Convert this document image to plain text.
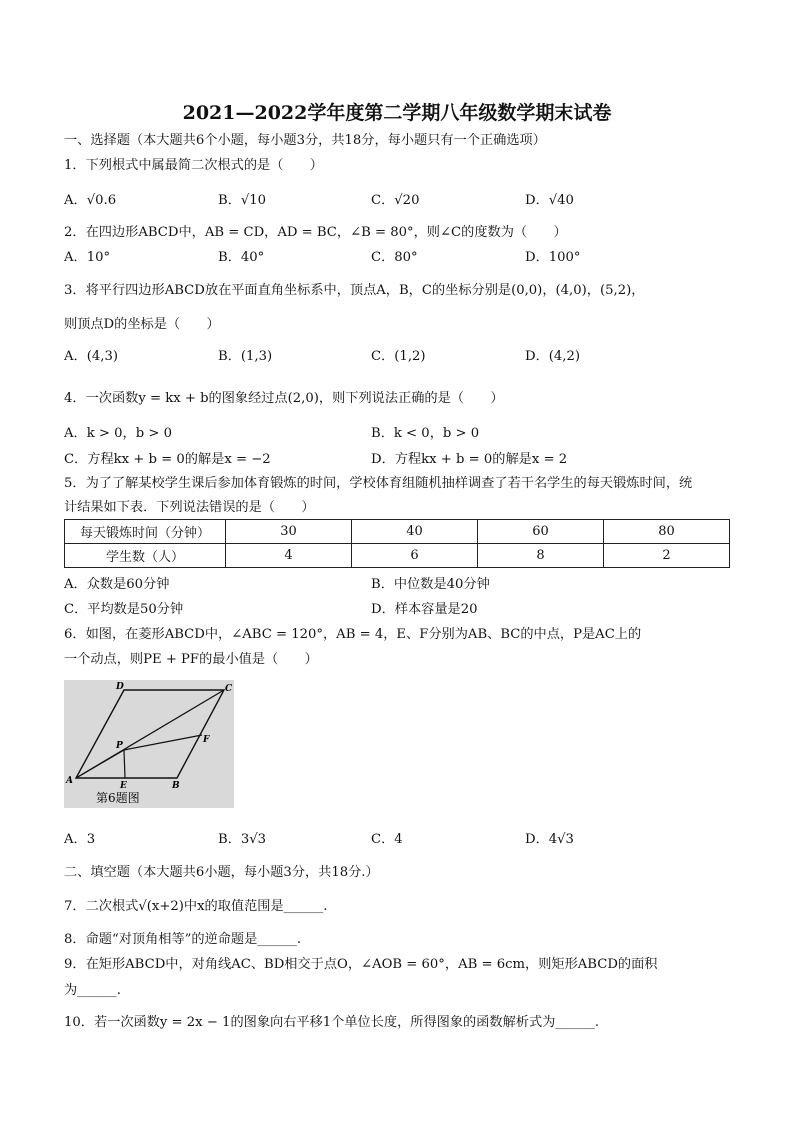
2021—2022学年度第二学期八年级数学期末试卷
一、选择题（本大题共6个小题，每小题3分，共18分，每小题只有一个正确选项）
1．下列根式中属最简二次根式的是（　　）
A．√0.6	B．√10	C．√20	D．√40
2．在四边形ABCD中，AB = CD，AD = BC，∠B = 80°，则∠C的度数为（　　）
A．10°	B．40°	C．80°	D．100°
3．将平行四边形ABCD放在平面直角坐标系中，顶点A，B，C的坐标分别是(0,0)，(4,0)，(5,2)，
则顶点D的坐标是（　　）
A．(4,3)	B．(1,3)	C．(1,2)	D．(4,2)
4．一次函数y = kx + b的图象经过点(2,0)，则下列说法正确的是（　　）
A．k > 0，b > 0	B．k < 0，b > 0
C．方程kx + b = 0的解是x = −2	D．方程kx + b = 0的解是x = 2
5．为了了解某校学生课后参加体育锻炼的时间，学校体育组随机抽样调查了若干名学生的每天锻炼时间，统
计结果如下表．下列说法错误的是（　　）
每天锻炼时间（分钟）	30	40	60	80
学生数（人）	4	6	8	2
A．众数是60分钟	B．中位数是40分钟
C．平均数是50分钟	D．样本容量是20
6．如图，在菱形ABCD中，∠ABC = 120°，AB = 4，E、F分别为AB、BC的中点，P是AC上的
一个动点，则PE + PF的最小值是（　　）
D	C
A	B
E
F
P
第6题图
A．3	B．3√3	C．4	D．4√3
二、填空题（本大题共6小题，每小题3分，共18分.）
7．二次根式√(x+2)中x的取值范围是______.
8．命题“对顶角相等”的逆命题是______.
9．在矩形ABCD中，对角线AC、BD相交于点O，∠AOB = 60°，AB = 6cm，则矩形ABCD的面积
为______.
10．若一次函数y = 2x − 1的图象向右平移1个单位长度，所得图象的函数解析式为______.
